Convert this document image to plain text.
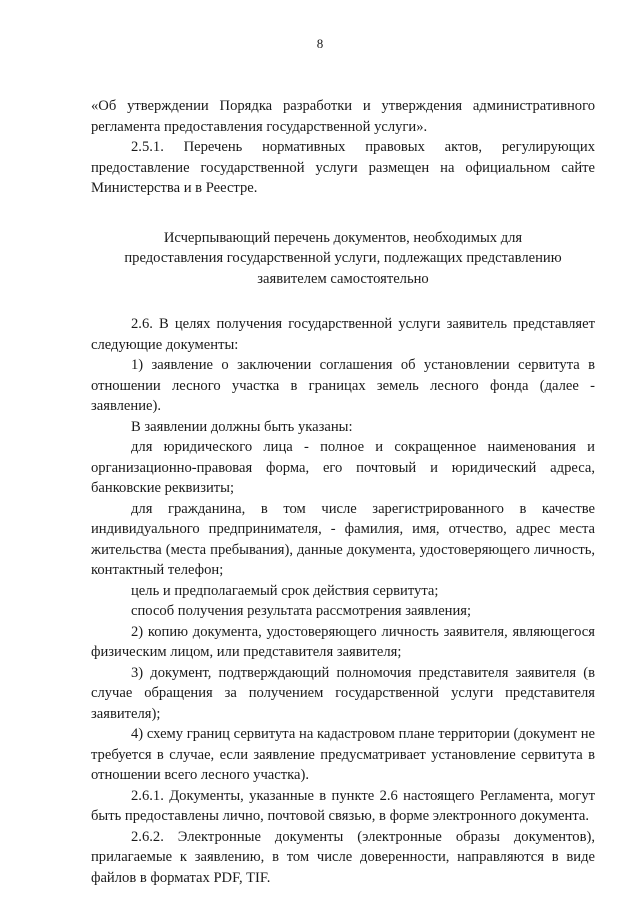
8

«Об утверждении Порядка разработки и утверждения административного регламента предоставления государственной услуги».

2.5.1. Перечень нормативных правовых актов, регулирующих предоставление государственной услуги размещен на официальном сайте Министерства и в Реестре.

Исчерпывающий перечень документов, необходимых для предоставления государственной услуги, подлежащих представлению заявителем самостоятельно

2.6. В целях получения государственной услуги заявитель представляет следующие документы:

1) заявление о заключении соглашения об установлении сервитута в отношении лесного участка в границах земель лесного фонда (далее - заявление).

В заявлении должны быть указаны:

для юридического лица - полное и сокращенное наименования и организационно-правовая форма, его почтовый и юридический адреса, банковские реквизиты;

для гражданина, в том числе зарегистрированного в качестве индивидуального предпринимателя, - фамилия, имя, отчество, адрес места жительства (места пребывания), данные документа, удостоверяющего личность, контактный телефон;

цель и предполагаемый срок действия сервитута;

способ получения результата рассмотрения заявления;

2) копию документа, удостоверяющего личность заявителя, являющегося физическим лицом, или представителя заявителя;

3) документ, подтверждающий полномочия представителя заявителя (в случае обращения за получением государственной услуги представителя заявителя);

4) схему границ сервитута на кадастровом плане территории (документ не требуется в случае, если заявление предусматривает установление сервитута в отношении всего лесного участка).

2.6.1. Документы, указанные в пункте 2.6 настоящего Регламента, могут быть предоставлены лично, почтовой связью, в форме электронного документа.

2.6.2. Электронные документы (электронные образы документов), прилагаемые к заявлению, в том числе доверенности, направляются в виде файлов в форматах PDF, TIF.
